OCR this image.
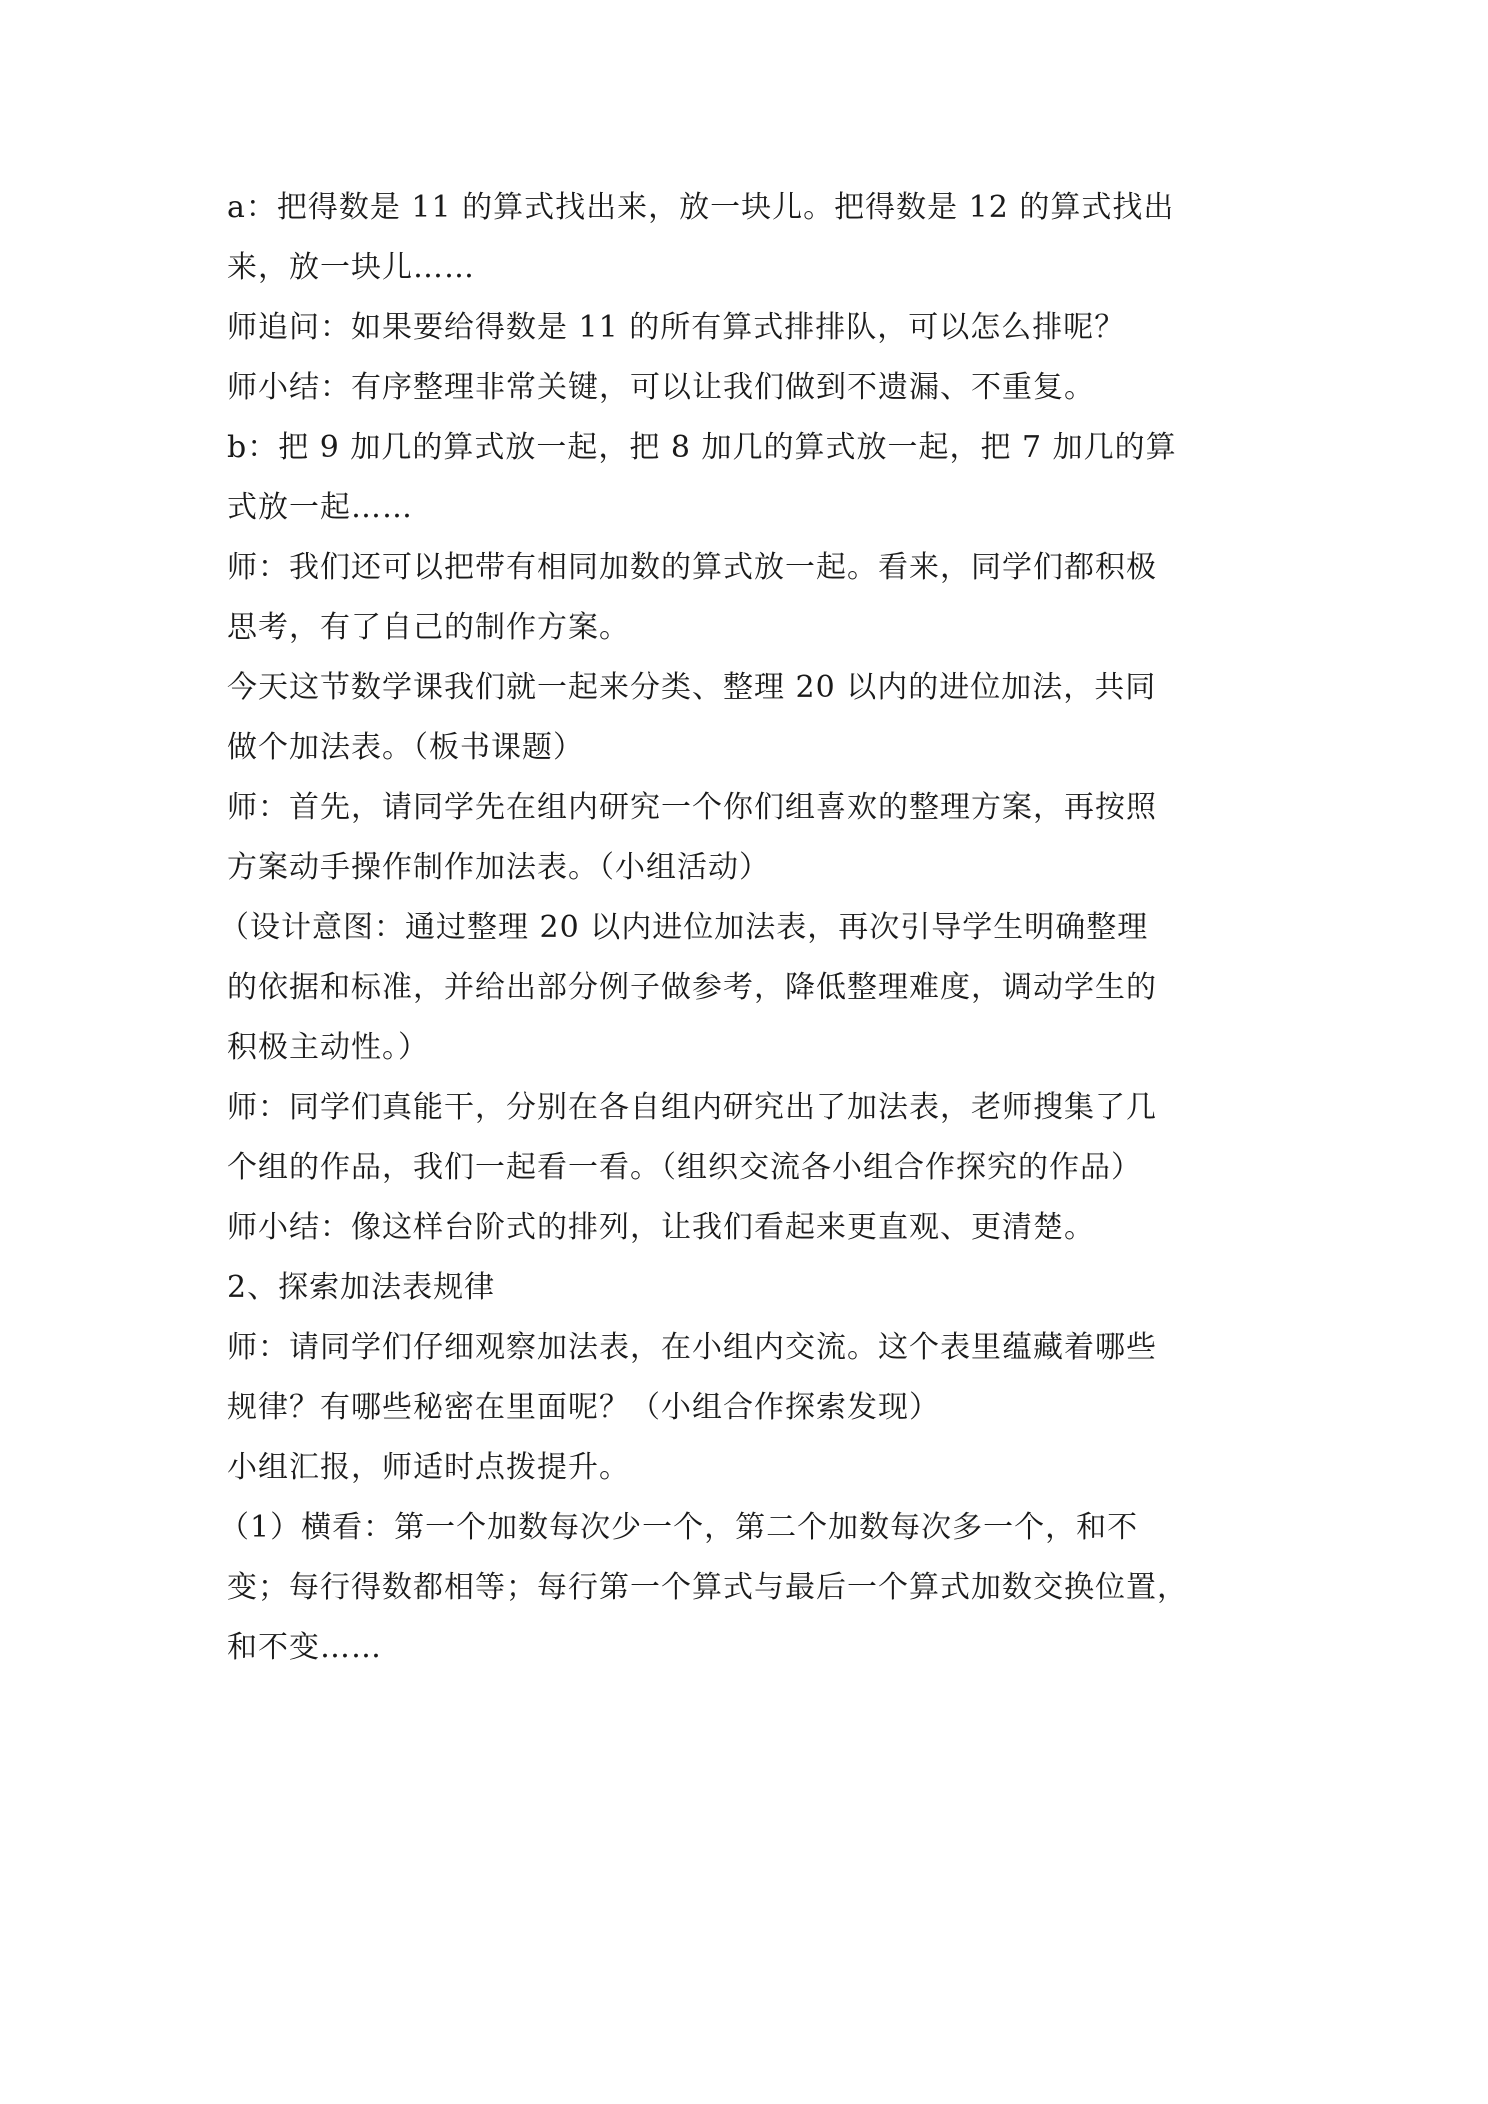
a：把得数是 11 的算式找出来，放一块儿。把得数是 12 的算式找出
来，放一块儿……
师追问：如果要给得数是 11 的所有算式排排队，可以怎么排呢？
师小结：有序整理非常关键，可以让我们做到不遗漏、不重复。
b：把 9 加几的算式放一起，把 8 加几的算式放一起，把 7 加几的算
式放一起……
师：我们还可以把带有相同加数的算式放一起。看来，同学们都积极
思考，有了自己的制作方案。
今天这节数学课我们就一起来分类、整理 20 以内的进位加法，共同
做个加法表。（板书课题）
师：首先，请同学先在组内研究一个你们组喜欢的整理方案，再按照
方案动手操作制作加法表。（小组活动）
（设计意图：通过整理 20 以内进位加法表，再次引导学生明确整理
的依据和标准，并给出部分例子做参考，降低整理难度，调动学生的
积极主动性。）
师：同学们真能干，分别在各自组内研究出了加法表，老师搜集了几
个组的作品，我们一起看一看。（组织交流各小组合作探究的作品）
师小结：像这样台阶式的排列，让我们看起来更直观、更清楚。
2、探索加法表规律
师：请同学们仔细观察加法表，在小组内交流。这个表里蕴藏着哪些
规律？有哪些秘密在里面呢？（小组合作探索发现）
小组汇报，师适时点拨提升。
（1）横看：第一个加数每次少一个，第二个加数每次多一个，和不
变；每行得数都相等；每行第一个算式与最后一个算式加数交换位置，
和不变……
